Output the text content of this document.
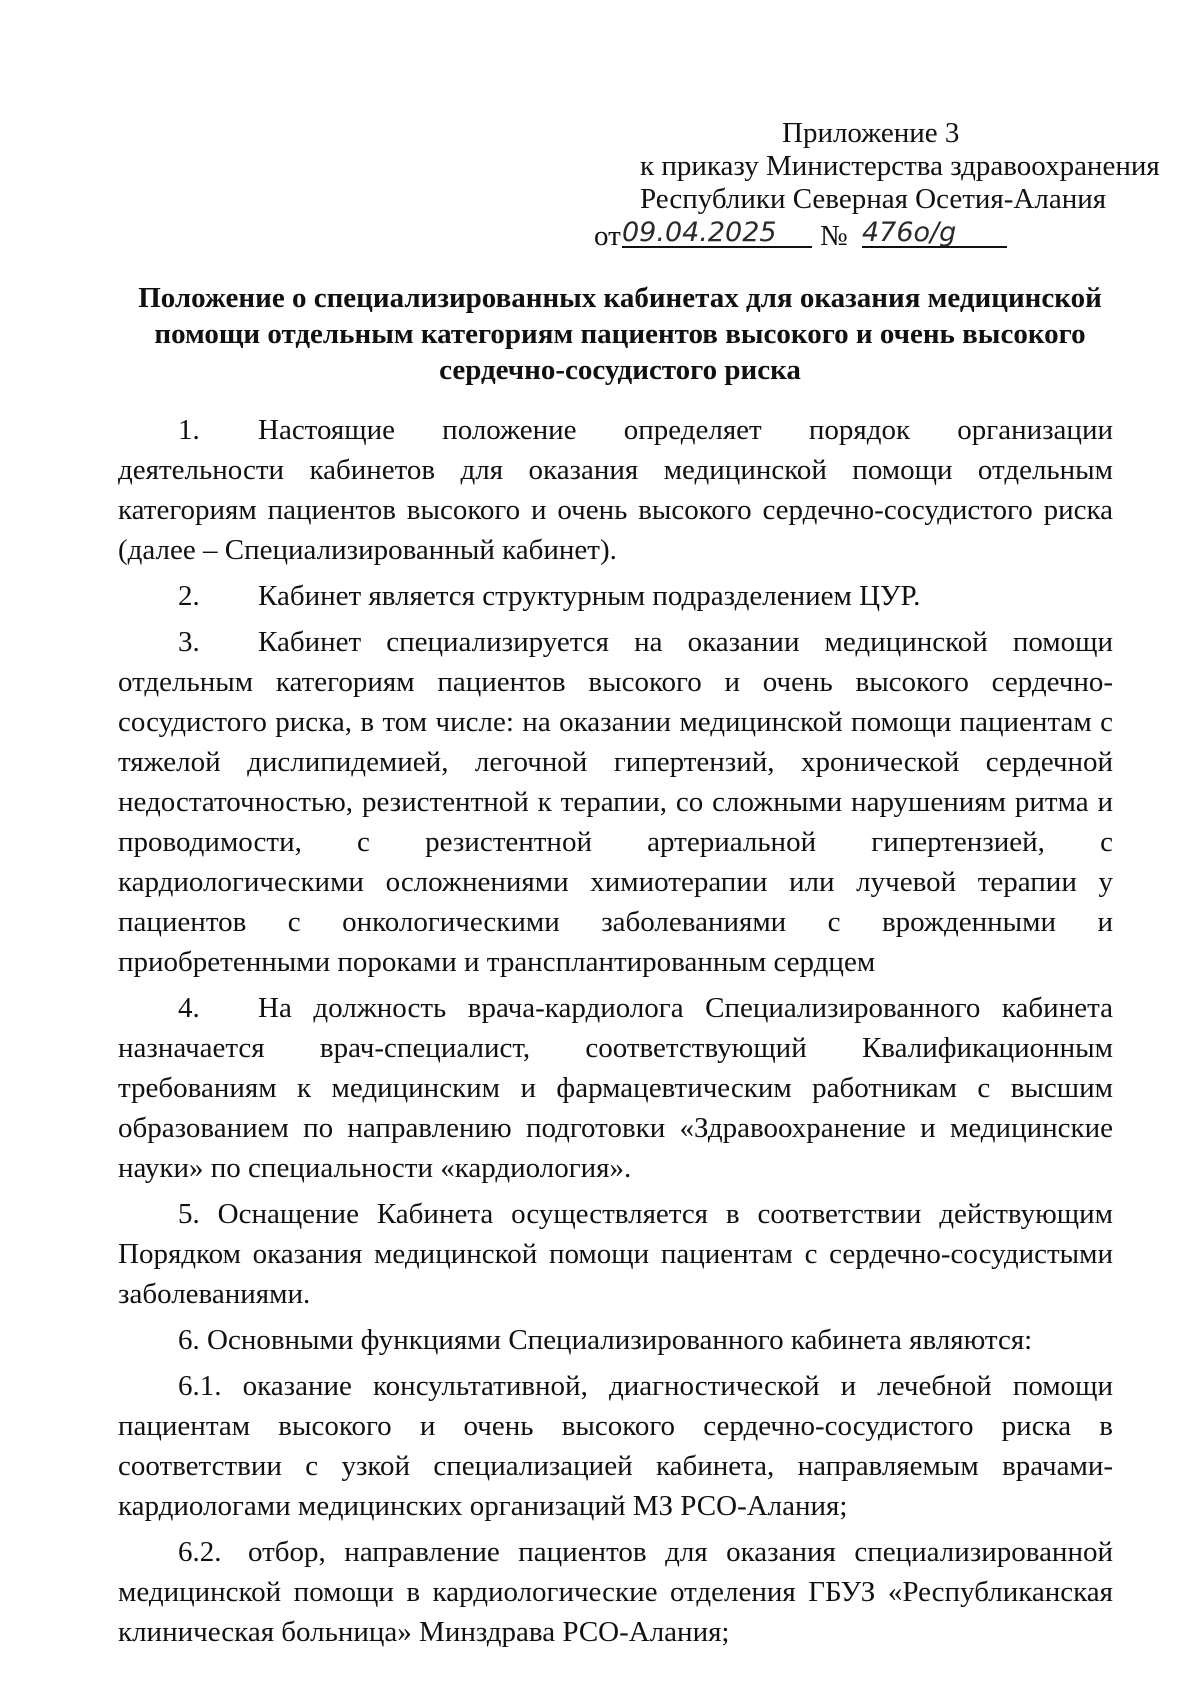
Приложение 3
к приказу Министерства здравоохранения
Республики Северная Осетия-Алания
от 09.04.2025	№ 476о/g
Положение о специализированных кабинетах для оказания медицинской помощи отдельным категориям пациентов высокого и очень высокого сердечно-сосудистого риска

1. Настоящие положение определяет порядок организации деятельности кабинетов для оказания медицинской помощи отдельным категориям пациентов высокого и очень высокого сердечно-сосудистого риска (далее – Специализированный кабинет).

2. Кабинет является структурным подразделением ЦУР.

3. Кабинет специализируется на оказании медицинской помощи отдельным категориям пациентов высокого и очень высокого сердечно-сосудистого риска, в том числе: на оказании медицинской помощи пациентам с тяжелой дислипидемией, легочной гипертензий, хронической сердечной недостаточностью, резистентной к терапии, со сложными нарушениям ритма и проводимости, с резистентной артериальной гипертензией, с кардиологическими осложнениями химиотерапии или лучевой терапии у пациентов с онкологическими заболеваниями с врожденными и приобретенными пороками и трансплантированным сердцем

4. На должность врача-кардиолога Специализированного кабинета назначается врач-специалист, соответствующий Квалификационным требованиям к медицинским и фармацевтическим работникам с высшим образованием по направлению подготовки «Здравоохранение и медицинские науки» по специальности «кардиология».

5. Оснащение Кабинета осуществляется в соответствии действующим Порядком оказания медицинской помощи пациентам с сердечно-сосудистыми заболеваниями.

6. Основными функциями Специализированного кабинета являются:

6.1. оказание консультативной, диагностической и лечебной помощи пациентам высокого и очень высокого сердечно-сосудистого риска в соответствии с узкой специализацией кабинета, направляемым врачами-кардиологами медицинских организаций МЗ РСО-Алания;

6.2. отбор, направление пациентов для оказания специализированной медицинской помощи в кардиологические отделения ГБУЗ «Республиканская клиническая больница» Минздрава РСО-Алания;
